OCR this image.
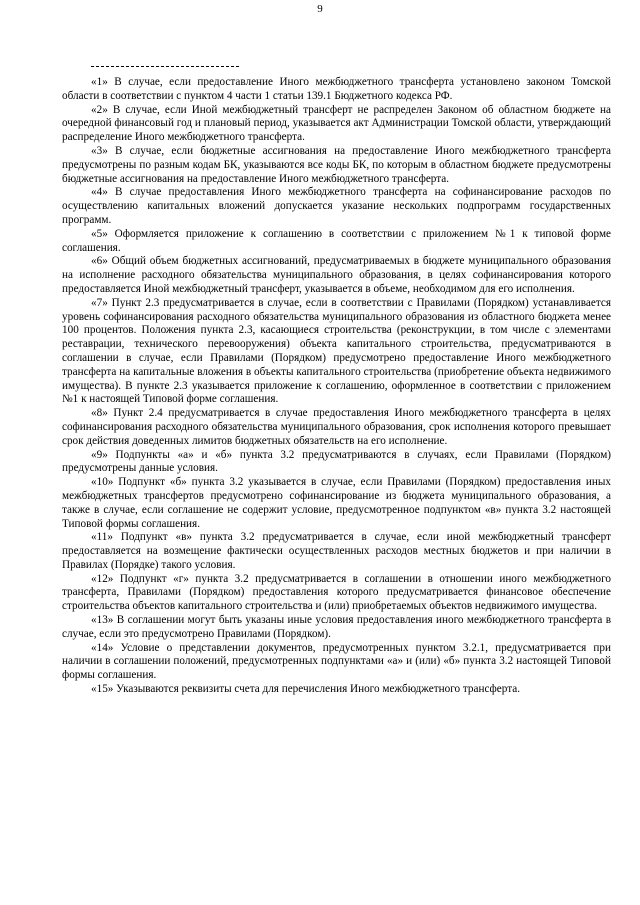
9

«1» В случае, если предоставление Иного межбюджетного трансферта установлено законом Томской области в соответствии с пунктом 4 части 1 статьи 139.1 Бюджетного кодекса РФ.

«2» В случае, если Иной межбюджетный трансферт не распределен Законом об областном бюджете на очередной финансовый год и плановый период, указывается акт Администрации Томской области, утверждающий распределение Иного межбюджетного трансферта.

«3» В случае, если бюджетные ассигнования на предоставление Иного межбюджетного трансферта предусмотрены по разным кодам БК, указываются все коды БК, по которым в областном бюджете предусмотрены бюджетные ассигнования на предоставление Иного межбюджетного трансферта.

«4» В случае предоставления Иного межбюджетного трансферта на софинансирование расходов по осуществлению капитальных вложений допускается указание нескольких подпрограмм государственных программ.

«5» Оформляется приложение к соглашению в соответствии с приложением №1 к типовой форме соглашения.

«6» Общий объем бюджетных ассигнований, предусматриваемых в бюджете муниципального образования на исполнение расходного обязательства муниципального образования, в целях софинансирования которого предоставляется Иной межбюджетный трансферт, указывается в объеме, необходимом для его исполнения.

«7» Пункт 2.3 предусматривается в случае, если в соответствии с Правилами (Порядком) устанавливается уровень софинансирования расходного обязательства муниципального образования из областного бюджета менее 100 процентов. Положения пункта 2.3, касающиеся строительства (реконструкции, в том числе с элементами реставрации, технического перевооружения) объекта капитального строительства, предусматриваются в соглашении в случае, если Правилами (Порядком) предусмотрено предоставление Иного межбюджетного трансферта на капитальные вложения в объекты капитального строительства (приобретение объекта недвижимого имущества). В пункте 2.3 указывается приложение к соглашению, оформленное в соответствии с приложением №1 к настоящей Типовой форме соглашения.

«8» Пункт 2.4 предусматривается в случае предоставления Иного межбюджетного трансферта в целях софинансирования расходного обязательства муниципального образования, срок исполнения которого превышает срок действия доведенных лимитов бюджетных обязательств на его исполнение.

«9» Подпункты «а» и «б» пункта 3.2 предусматриваются в случаях, если Правилами (Порядком) предусмотрены данные условия.

«10» Подпункт «б» пункта 3.2 указывается в случае, если Правилами (Порядком) предоставления иных межбюджетных трансфертов предусмотрено софинансирование из бюджета муниципального образования, а также в случае, если соглашение не содержит условие, предусмотренное подпунктом «в» пункта 3.2 настоящей Типовой формы соглашения.

«11» Подпункт «в» пункта 3.2 предусматривается в случае, если иной межбюджетный трансферт предоставляется на возмещение фактически осуществленных расходов местных бюджетов и при наличии в Правилах (Порядке) такого условия.

«12» Подпункт «г» пункта 3.2 предусматривается в соглашении в отношении иного межбюджетного трансферта, Правилами (Порядком) предоставления которого предусматривается финансовое обеспечение строительства объектов капитального строительства и (или) приобретаемых объектов недвижимого имущества.

«13» В соглашении могут быть указаны иные условия предоставления иного межбюджетного трансферта в случае, если это предусмотрено Правилами (Порядком).

«14» Условие о представлении документов, предусмотренных пунктом 3.2.1, предусматривается при наличии в соглашении положений, предусмотренных подпунктами «а» и (или) «б» пункта 3.2 настоящей Типовой формы соглашения.

«15» Указываются реквизиты счета для перечисления Иного межбюджетного трансферта.
